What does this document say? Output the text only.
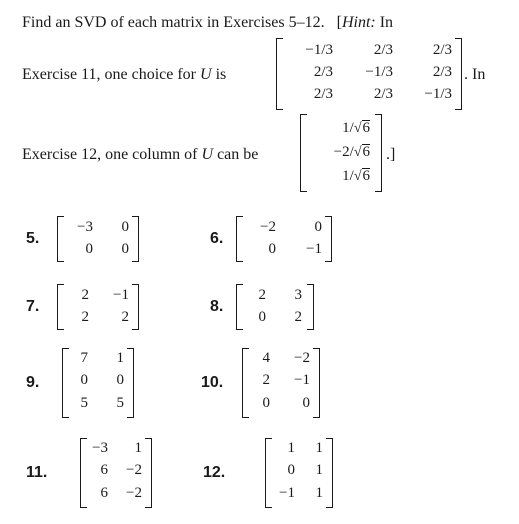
Find an SVD of each matrix in Exercises 5–12. [Hint: In
Exercise 11, one choice for U is
−1/3	2/3	2/3
2/3 −1/3	2/3
2/3	2/3 −1/3
. In
Exercise 12, one column of U can be
1/√6
−2/√6
1/√6
.]
5.
−3 0
0 0
6.
−2	0
0 −1
7.
2 −1
2 2
8.
2 3
0 2
9.
7 1
0 0
5 5
10.
4 −2
2 −1
0 0
11.
−3 1
6 −2
6 −2
12.
1 1
0 1
−1 1
